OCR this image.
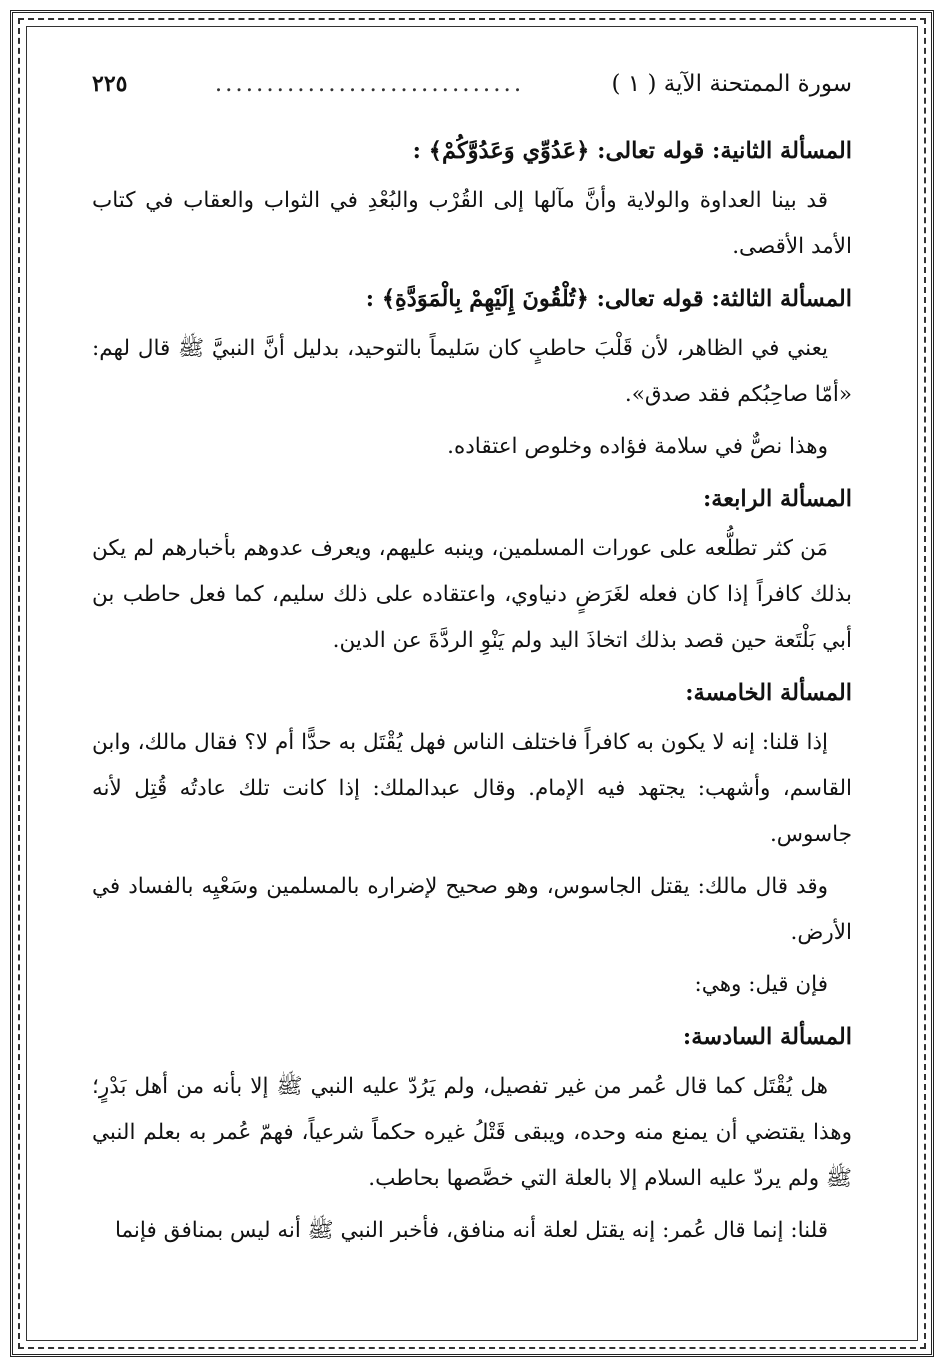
سورة الممتحنة الآية ( ١ )
..............................
٢٢٥
المسألة الثانية: قوله تعالى: ﴿عَدُوِّي وَعَدُوَّكُمْ﴾ :

قد بينا العداوة والولاية وأنَّ مآلها إلى القُرْب والبُعْدِ في الثواب والعقاب في كتاب الأمد الأقصى.

المسألة الثالثة: قوله تعالى: ﴿تُلْقُونَ إِلَيْهِمْ بِالْمَوَدَّةِ﴾ :

يعني في الظاهر، لأن قَلْبَ حاطبٍ كان سَليماً بالتوحيد، بدليل أنَّ النبيَّ ﷺ قال لهم: «أمّا صاحِبُكم فقد صدق».

وهذا نصٌّ في سلامة فؤاده وخلوص اعتقاده.

المسألة الرابعة:

مَن كثر تطلُّعه على عورات المسلمين، وينبه عليهم، ويعرف عدوهم بأخبارهم لم يكن بذلك كافراً إذا كان فعله لغَرَضٍ دنياوي، واعتقاده على ذلك سليم، كما فعل حاطب بن أبي بَلْتَعة حين قصد بذلك اتخاذَ اليد ولم يَنْوِ الردَّةَ عن الدين.

المسألة الخامسة:

إذا قلنا: إنه لا يكون به كافراً فاختلف الناس فهل يُقْتَل به حدًّا أم لا؟ فقال مالك، وابن القاسم، وأشهب: يجتهد فيه الإمام. وقال عبدالملك: إذا كانت تلك عادتُه قُتِل لأنه جاسوس.

وقد قال مالك: يقتل الجاسوس، وهو صحيح لإضراره بالمسلمين وسَعْيِه بالفساد في الأرض.

فإن قيل: وهي:

المسألة السادسة:

هل يُقْتَل كما قال عُمر من غير تفصيل، ولم يَرُدّ عليه النبي ﷺ إلا بأنه من أهل بَدْرٍ؛ وهذا يقتضي أن يمنع منه وحده، ويبقى قَتْلُ غيره حكماً شرعياً، فهمّ عُمر به بعلم النبي ﷺ ولم يردّ عليه السلام إلا بالعلة التي خصَّصها بحاطب.

قلنا: إنما قال عُمر: إنه يقتل لعلة أنه منافق، فأخبر النبي ﷺ أنه ليس بمنافق فإنما
